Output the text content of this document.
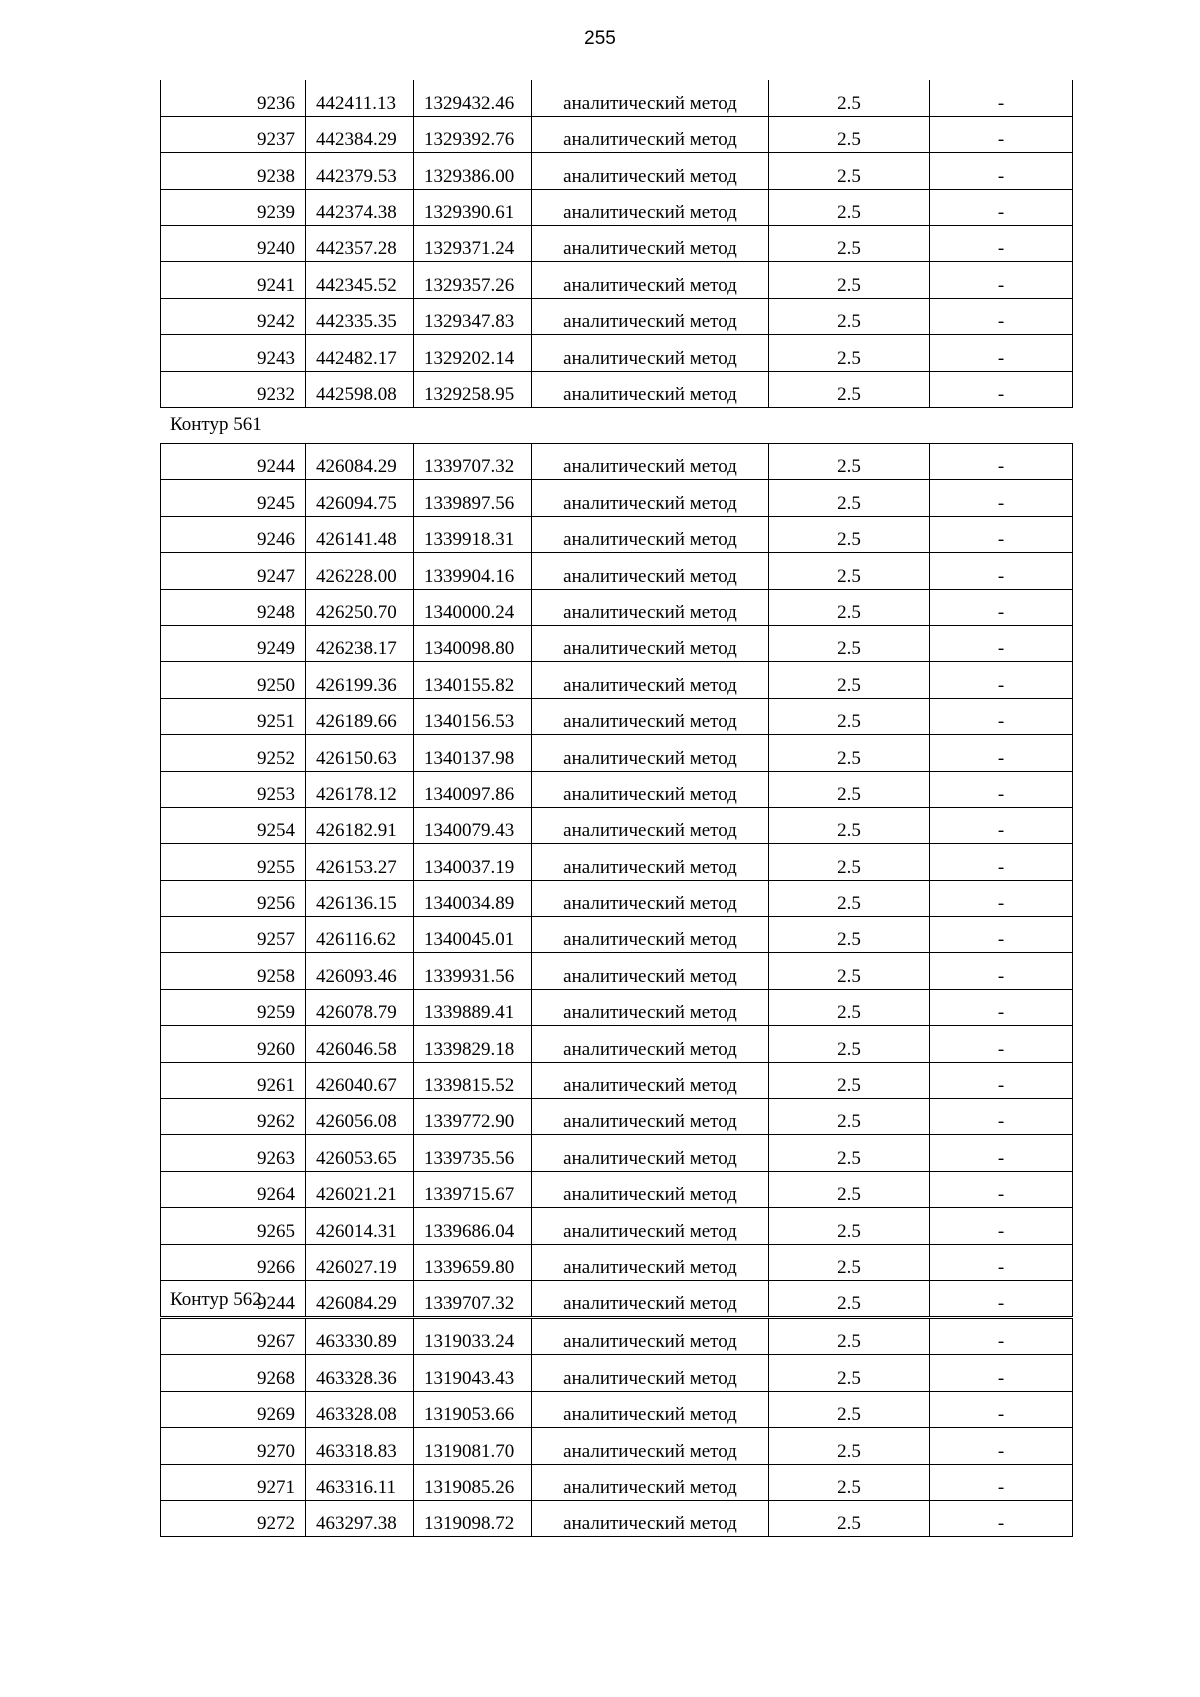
255
9236	442411.13	1329432.46	аналитический метод	2.5	-
9237	442384.29	1329392.76	аналитический метод	2.5	-
9238	442379.53	1329386.00	аналитический метод	2.5	-
9239	442374.38	1329390.61	аналитический метод	2.5	-
9240	442357.28	1329371.24	аналитический метод	2.5	-
9241	442345.52	1329357.26	аналитический метод	2.5	-
9242	442335.35	1329347.83	аналитический метод	2.5	-
9243	442482.17	1329202.14	аналитический метод	2.5	-
9232	442598.08	1329258.95	аналитический метод	2.5	-
Контур 561
9244	426084.29	1339707.32	аналитический метод	2.5	-
9245	426094.75	1339897.56	аналитический метод	2.5	-
9246	426141.48	1339918.31	аналитический метод	2.5	-
9247	426228.00	1339904.16	аналитический метод	2.5	-
9248	426250.70	1340000.24	аналитический метод	2.5	-
9249	426238.17	1340098.80	аналитический метод	2.5	-
9250	426199.36	1340155.82	аналитический метод	2.5	-
9251	426189.66	1340156.53	аналитический метод	2.5	-
9252	426150.63	1340137.98	аналитический метод	2.5	-
9253	426178.12	1340097.86	аналитический метод	2.5	-
9254	426182.91	1340079.43	аналитический метод	2.5	-
9255	426153.27	1340037.19	аналитический метод	2.5	-
9256	426136.15	1340034.89	аналитический метод	2.5	-
9257	426116.62	1340045.01	аналитический метод	2.5	-
9258	426093.46	1339931.56	аналитический метод	2.5	-
9259	426078.79	1339889.41	аналитический метод	2.5	-
9260	426046.58	1339829.18	аналитический метод	2.5	-
9261	426040.67	1339815.52	аналитический метод	2.5	-
9262	426056.08	1339772.90	аналитический метод	2.5	-
9263	426053.65	1339735.56	аналитический метод	2.5	-
9264	426021.21	1339715.67	аналитический метод	2.5	-
9265	426014.31	1339686.04	аналитический метод	2.5	-
9266	426027.19	1339659.80	аналитический метод	2.5	-
9244	426084.29	1339707.32	аналитический метод	2.5	-
Контур 562
9267	463330.89	1319033.24	аналитический метод	2.5	-
9268	463328.36	1319043.43	аналитический метод	2.5	-
9269	463328.08	1319053.66	аналитический метод	2.5	-
9270	463318.83	1319081.70	аналитический метод	2.5	-
9271	463316.11	1319085.26	аналитический метод	2.5	-
9272	463297.38	1319098.72	аналитический метод	2.5	-
